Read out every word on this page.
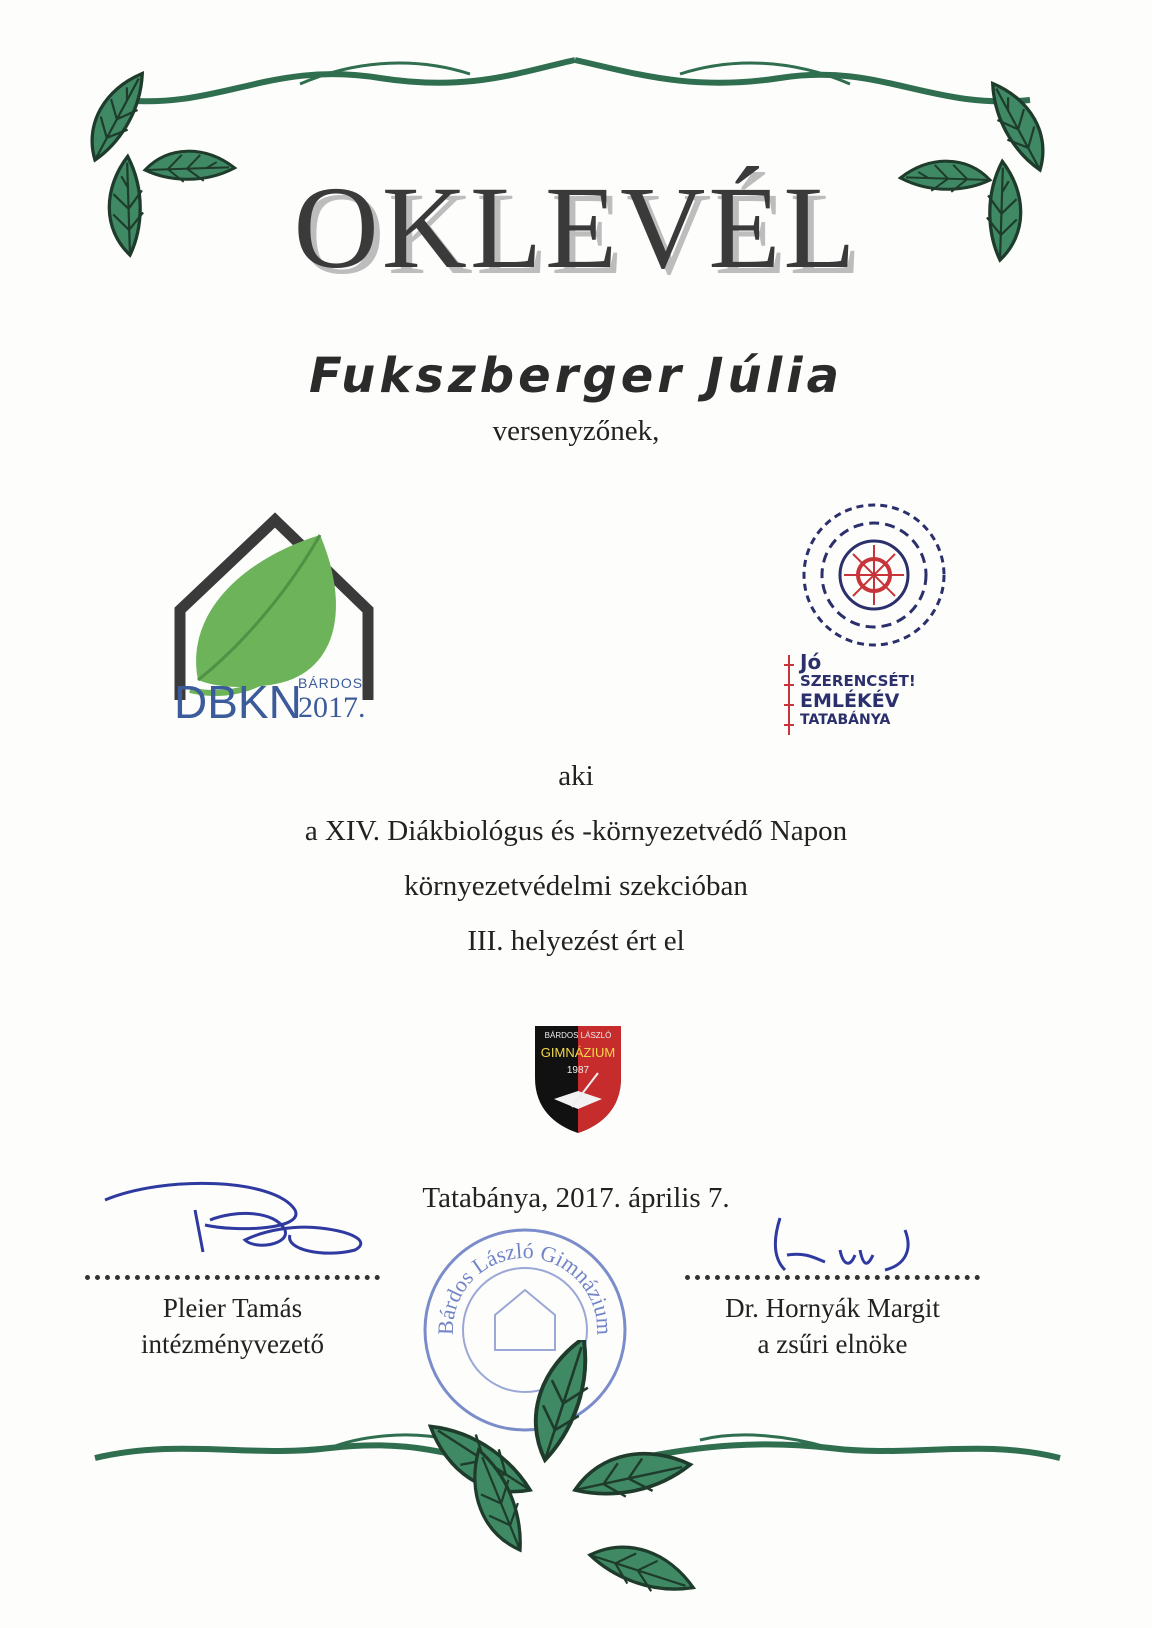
OKLEVÉL
Fukszberger Júlia
versenyzőnek,
DBKN
BÁRDOS
2017.
Jó
SZERENCSÉT!
EMLÉKÉV
TATABÁNYA
aki
a XIV. Diákbiológus és -környezetvédő Napon
környezetvédelmi szekcióban
III. helyezést ért el
BÁRDOS LÁSZLÓ
GIMNÁZIUM
1987
Tatabánya, 2017. április 7.
Pleier Tamás
intézményvezető
Dr. Hornyák Margit
a zsűri elnöke
Bárdos László Gimnázium
